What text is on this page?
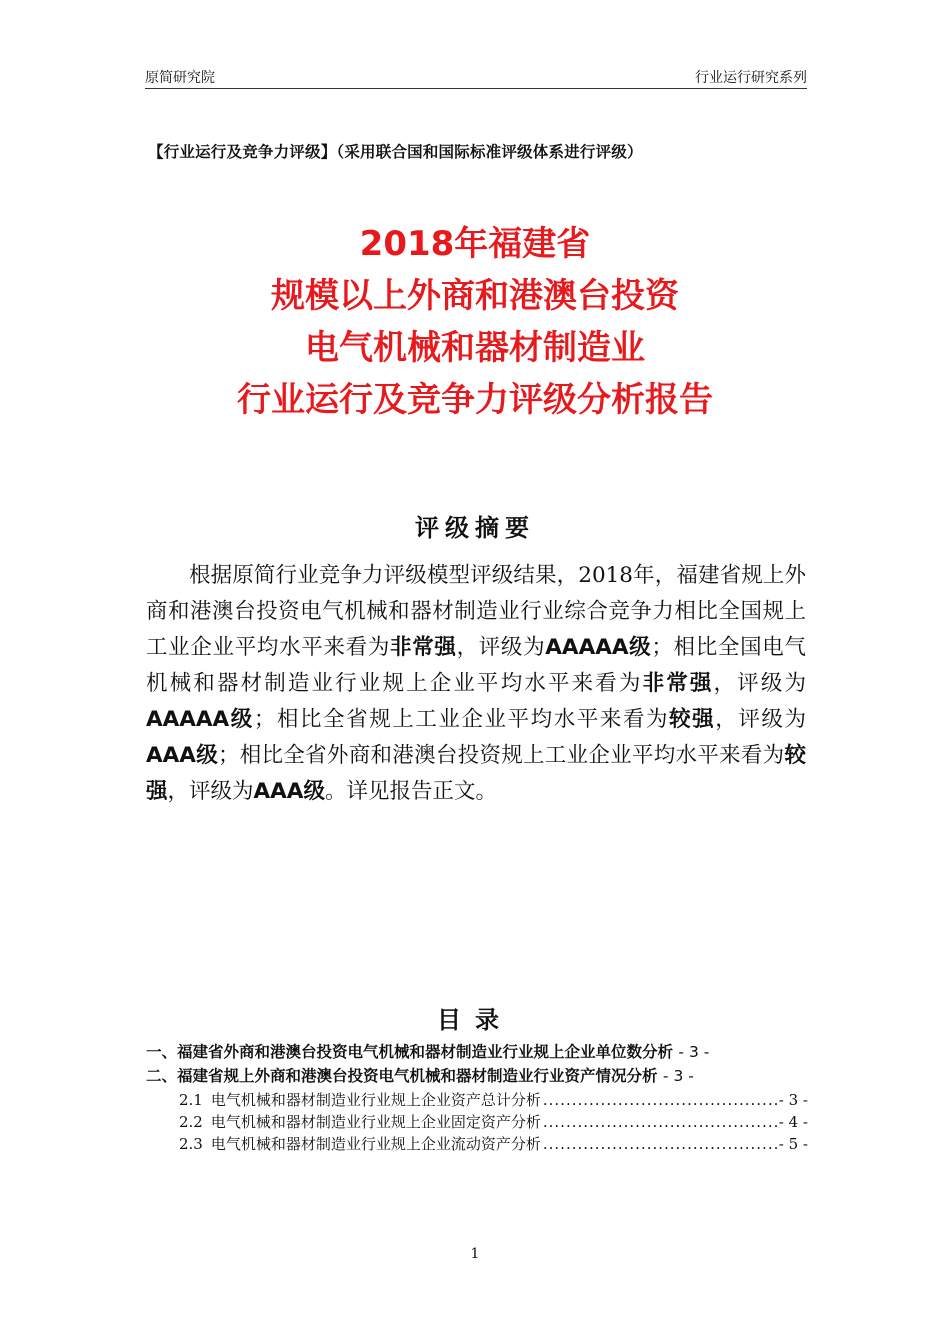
原简研究院	行业运行研究系列
【行业运行及竞争力评级】（采用联合国和国际标准评级体系进行评级）
2018年福建省
规模以上外商和港澳台投资
电气机械和器材制造业
行业运行及竞争力评级分析报告
评级摘要
根据原简行业竞争力评级模型评级结果，2018年，福建省规上外商和港澳台投资电气机械和器材制造业行业综合竞争力相比全国规上工业企业平均水平来看为非常强，评级为AAAAA级；相比全国电气机械和器材制造业行业规上企业平均水平来看为非常强，评级为AAAAA级；相比全省规上工业企业平均水平来看为较强，评级为AAA级；相比全省外商和港澳台投资规上工业企业平均水平来看为较强，评级为AAA级。详见报告正文。
目录
一、福建省外商和港澳台投资电气机械和器材制造业行业规上企业单位数分析 - 3 -
二、福建省规上外商和港澳台投资电气机械和器材制造业行业资产情况分析 - 3 -
2.1 电气机械和器材制造业行业规上企业资产总计分析 .....	- 3 -
2.2 电气机械和器材制造业行业规上企业固定资产分析 .....	- 4 -
2.3 电气机械和器材制造业行业规上企业流动资产分析 .....	- 5 -
1
